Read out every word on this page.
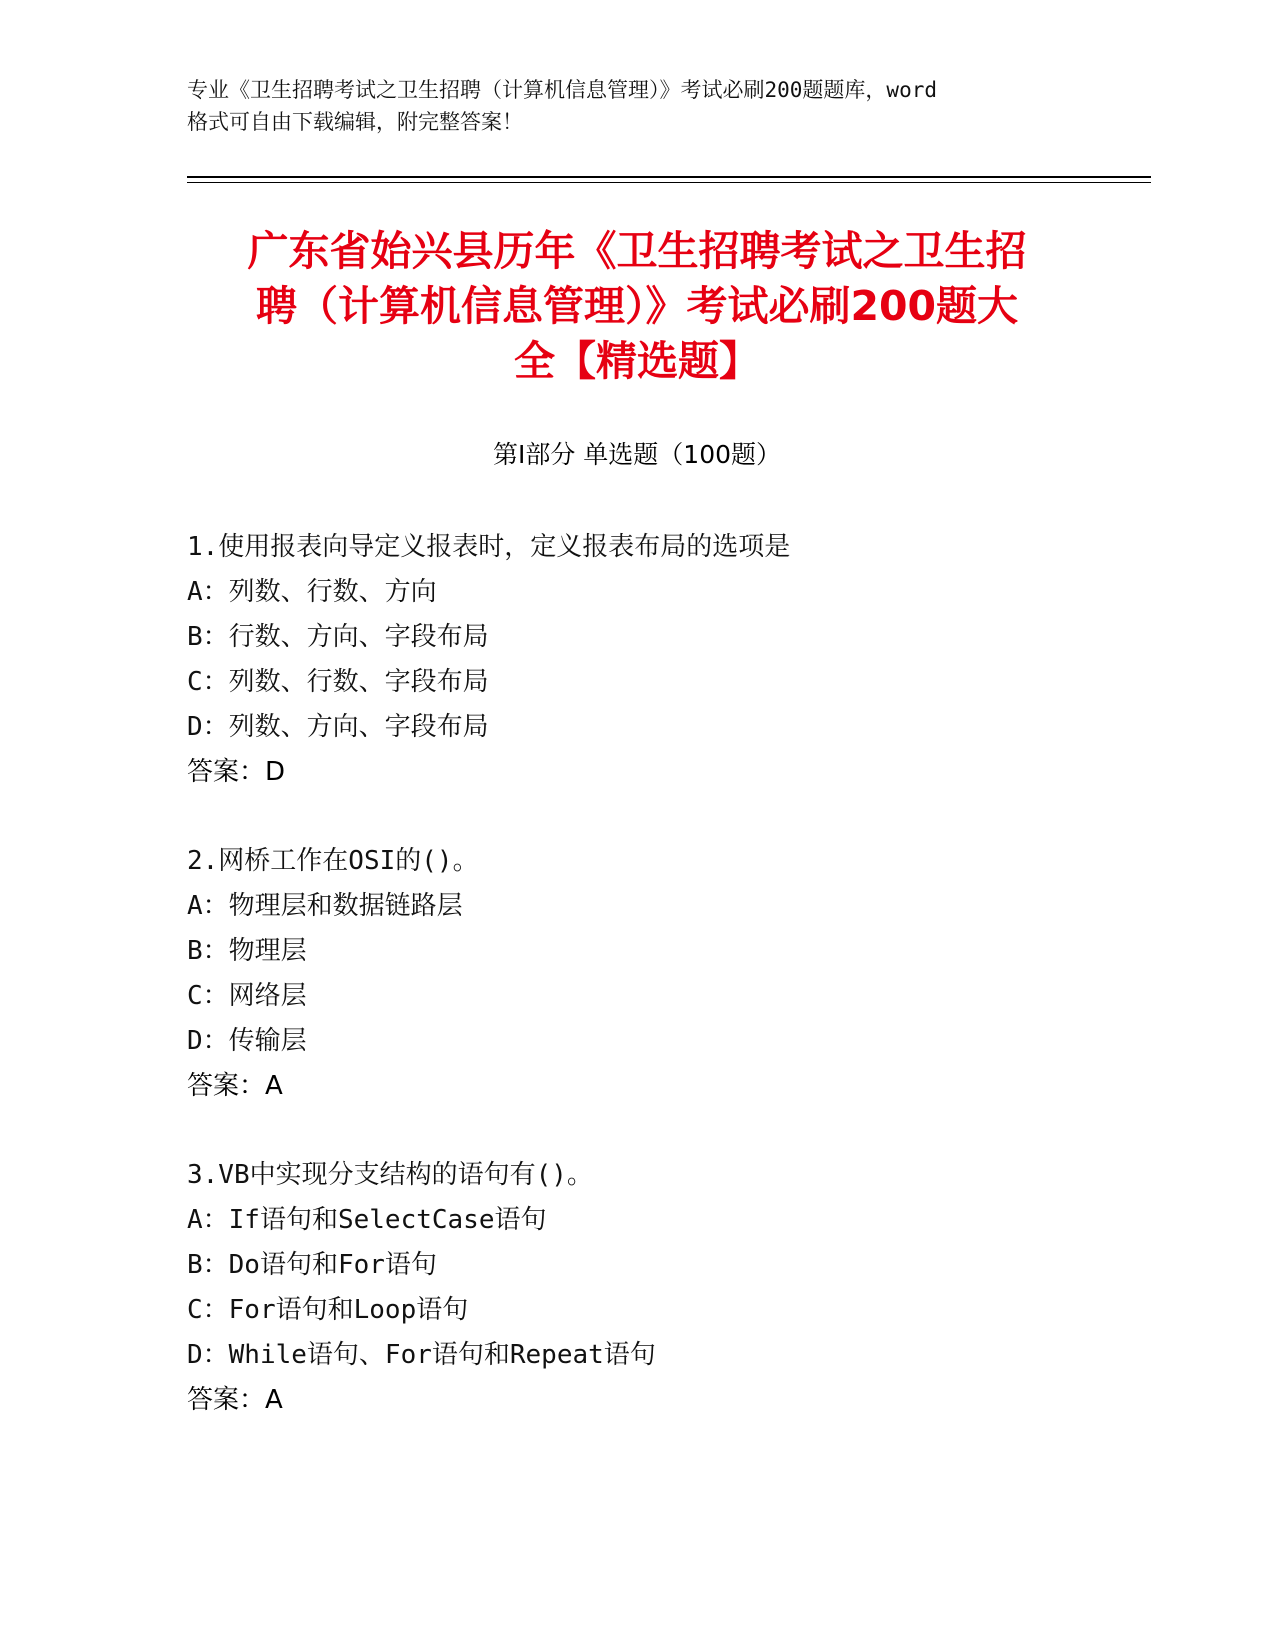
专业《卫生招聘考试之卫生招聘（计算机信息管理）》考试必刷200题题库，word
格式可自由下载编辑，附完整答案！
广东省始兴县历年《卫生招聘考试之卫生招
聘（计算机信息管理）》考试必刷200题大
全【精选题】
第Ⅰ部分 单选题（100题）
1.使用报表向导定义报表时，定义报表布局的选项是
A：列数、行数、方向
B：行数、方向、字段布局
C：列数、行数、字段布局
D：列数、方向、字段布局
答案：D
2.网桥工作在OSI的()。
A：物理层和数据链路层
B：物理层
C：网络层
D：传输层
答案：A
3.VB中实现分支结构的语句有()。
A：If语句和SelectCase语句
B：Do语句和For语句
C：For语句和Loop语句
D：While语句、For语句和Repeat语句
答案：A
